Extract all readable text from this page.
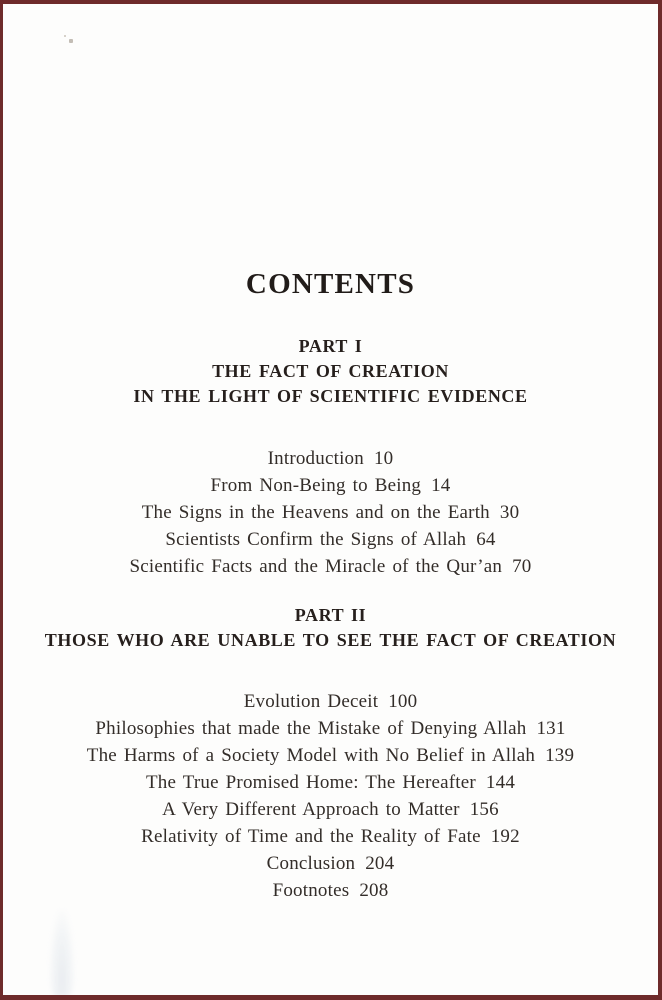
CONTENTS
PART I
THE FACT OF CREATION
IN THE LIGHT OF SCIENTIFIC EVIDENCE
Introduction 10
From Non-Being to Being 14
The Signs in the Heavens and on the Earth 30
Scientists Confirm the Signs of Allah 64
Scientific Facts and the Miracle of the Qur’an 70
PART II
THOSE WHO ARE UNABLE TO SEE THE FACT OF CREATION
Evolution Deceit 100
Philosophies that made the Mistake of Denying Allah 131
The Harms of a Society Model with No Belief in Allah 139
The True Promised Home: The Hereafter 144
A Very Different Approach to Matter 156
Relativity of Time and the Reality of Fate 192
Conclusion 204
Footnotes 208
